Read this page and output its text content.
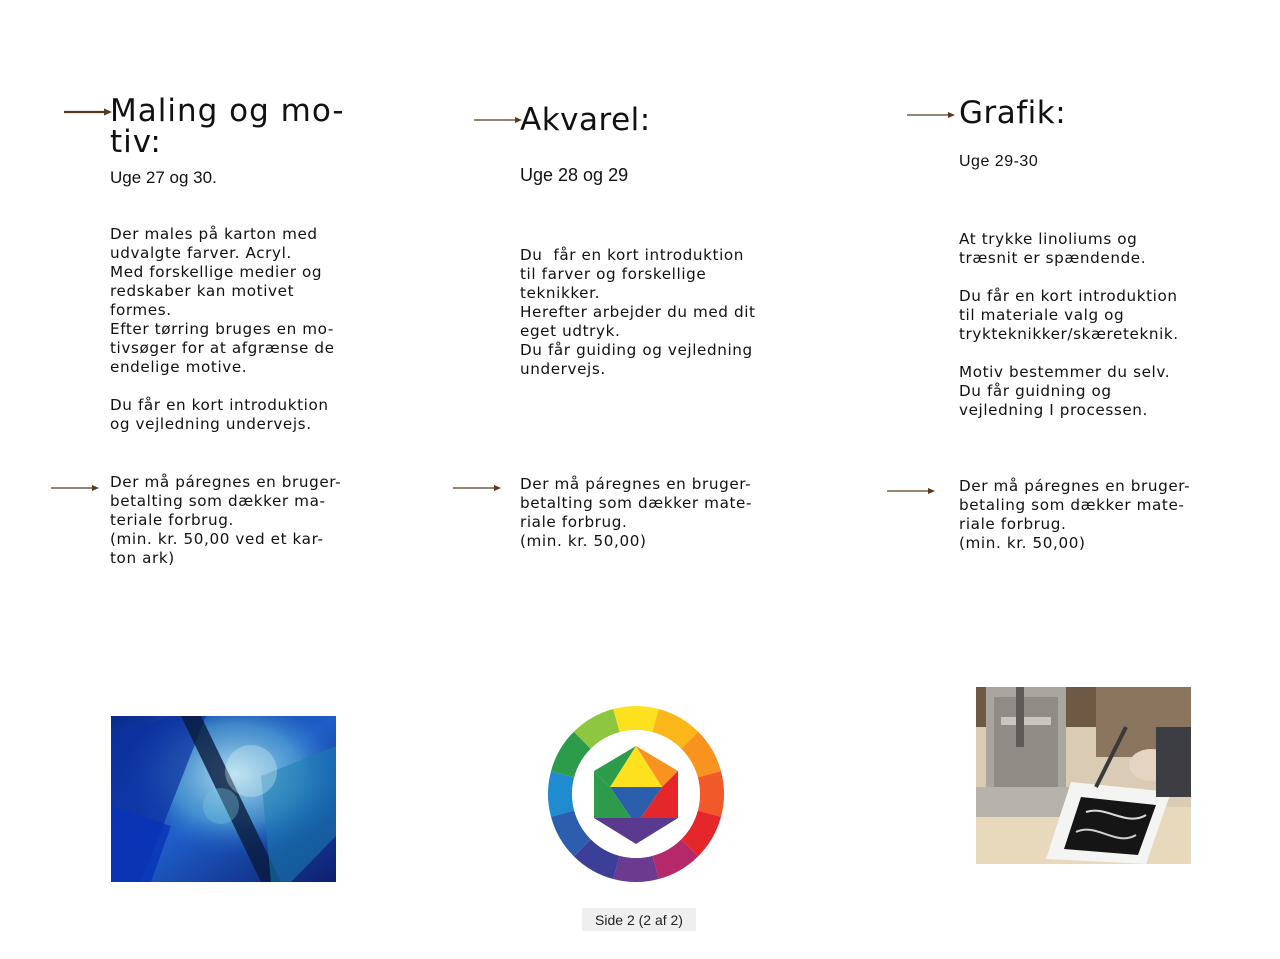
Maling og mo-
tiv:

Uge 27 og 30.

Der males på karton med
udvalgte farver. Acryl.
Med forskellige medier og
redskaber kan motivet
formes.
Efter tørring bruges en mo-
tivsøger for at afgrænse de
endelige motive.
Du får en kort introduktion
og vejledning undervejs.
Der må páregnes en bruger-
betalting som dækker ma-
teriale forbrug.
(min. kr. 50,00 ved et kar-
ton ark)
Akvarel:

Uge 28 og 29

Du  får en kort introduktion
til farver og forskellige
teknikker.
Herefter arbejder du med dit
eget udtryk.
Du får guiding og vejledning
undervejs.
Der må páregnes en bruger-
betalting som dækker mate-
riale forbrug.
(min. kr. 50,00)
Grafik:

Uge 29-30

At trykke linoliums og
træsnit er spændende.
Du får en kort introduktion
til materiale valg og
trykteknikker/skæreteknik.
Motiv bestemmer du selv.
Du får guidning og
vejledning I processen.
Der må páregnes en bruger-
betaling som dækker mate-
riale forbrug.
(min. kr. 50,00)
Side 2 (2 af 2)
